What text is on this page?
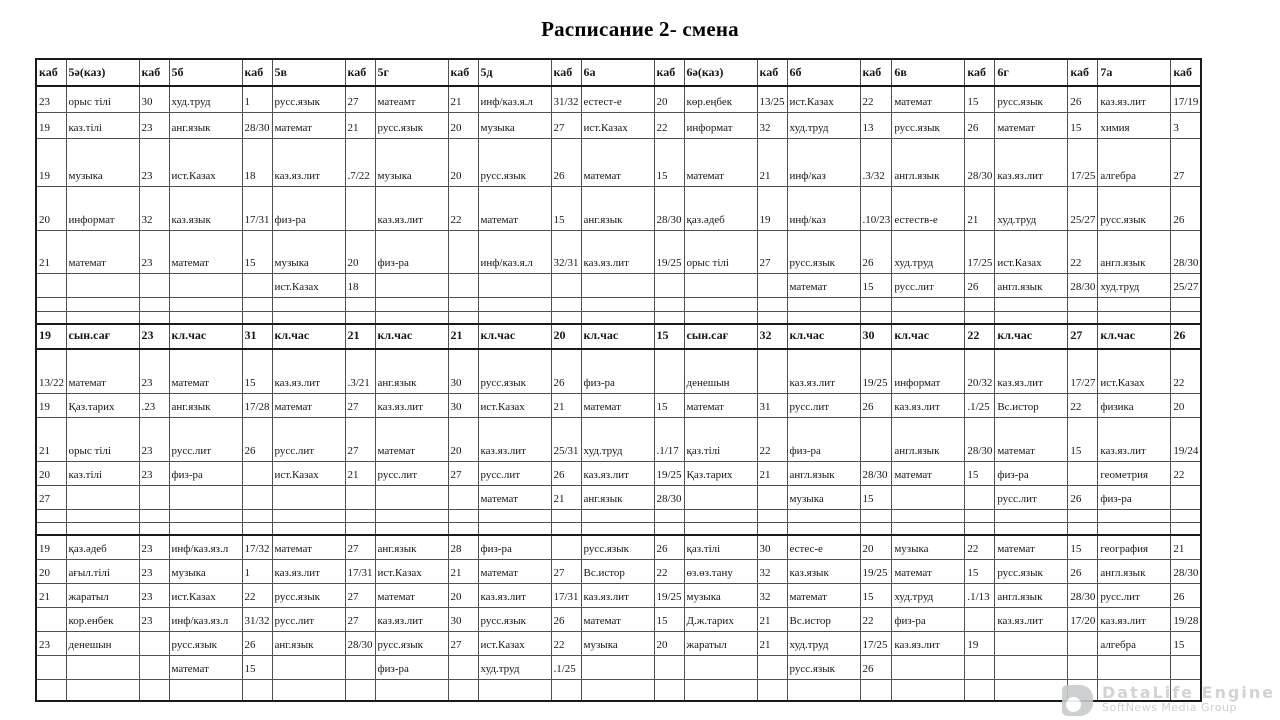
Расписание 2- смена
каб	5ә(каз)	каб	5б	каб	5в	каб	5г	каб	5д	каб	6а	каб	6ә(каз)	каб	6б	каб	6в	каб	6г	каб	7а	каб
23	орыс тілі	30	худ.труд	1	русс.язык	27	матеамт	21	инф/каз.я.л	31/32	естест-е	20	көр.еңбек	13/25	ист.Казах	22	математ	15	русс.язык	26	каз.яз.лит	17/19
19	каз.тілі	23	анг.язык	28/30	математ	21	русс.язык	20	музыка	27	ист.Казах	22	информат	32	худ.труд	13	русс.язык	26	математ	15	химия	3
19	музыка	23	ист.Казах	18	каз.яз.лит	.7/22	музыка	20	русс.язык	26	математ	15	математ	21	инф/каз	.3/32	англ.язык	28/30	каз.яз.лит	17/25	алгебра	27
20	информат	32	каз.язык	17/31	физ-ра		каз.яз.лит	22	математ	15	анг.язык	28/30	қаз.әдеб	19	инф/каз	.10/23	естеств-е	21	худ.труд	25/27	русс.язык	26
21	математ	23	математ	15	музыка	20	физ-ра		инф/каз.я.л	32/31	каз.яз.лит	19/25	орыс тілі	27	русс.язык	26	худ.труд	17/25	ист.Казах	22	англ.язык	28/30
					ист.Казах	18									математ	15	русс.лит	26	англ.язык	28/30	худ.труд	25/27

19	сын.сағ	23	кл.час	31	кл.час	21	кл.час	21	кл.час	20	кл.час	15	сын.сағ	32	кл.час	30	кл.час	22	кл.час	27	кл.час	26
13/22	математ	23	математ	15	каз.яз.лит	.3/21	анг.язык	30	русс.язык	26	физ-ра		денешын		каз.яз.лит	19/25	информат	20/32	каз.яз.лит	17/27	ист.Казах	22
19	Қаз.тарих	.23	анг.язык	17/28	математ	27	каз.яз.лит	30	ист.Казах	21	математ	15	математ	31	русс.лит	26	каз.яз.лит	.1/25	Вс.истор	22	физика	20
21	орыс тілі	23	русс.лит	26	русс.лит	27	математ	20	каз.яз.лит	25/31	худ.труд	.1/17	қаз.тілі	22	физ-ра		англ.язык	28/30	математ	15	каз.яз.лит	19/24
20	каз.тілі	23	физ-ра		ист.Казах	21	русс.лит	27	русс.лит	26	каз.яз.лит	19/25	Қаз.тарих	21	англ.язык	28/30	математ	15	физ-ра		геометрия	22
27									математ	21	анг.язык	28/30			музыка	15			русс.лит	26	физ-ра	

19	қаз.әдеб	23	инф/каз.яз.л	17/32	математ	27	анг.язык	28	физ-ра		русс.язык	26	қаз.тілі	30	естес-е	20	музыка	22	математ	15	география	21
20	ағыл.тілі	23	музыка	1	каз.яз.лит	17/31	ист.Казах	21	математ	27	Вс.истор	22	өз.өз.тану	32	каз.язык	19/25	математ	15	русс.язык	26	англ.язык	28/30
21	жаратыл	23	ист.Казах	22	русс.язык	27	математ	20	каз.яз.лит	17/31	каз.яз.лит	19/25	музыка	32	математ	15	худ.труд	.1/13	англ.язык	28/30	русс.лит	26
	кор.енбек	23	инф/каз.яз.л	31/32	русс.лит	27	каз.яз.лит	30	русс.язык	26	математ	15	Д.ж.тарих	21	Вс.истор	22	физ-ра		каз.яз.лит	17/20	каз.яз.лит	19/28
23	денешын		русс.язык	26	анг.язык	28/30	русс.язык	27	ист.Казах	22	музыка	20	жаратыл	21	худ.труд	17/25	каз.яз.лит	19			алгебра	15
			математ	15			физ-ра		худ.труд	.1/25					русс.язык	26						

DataLife Engine
SoftNews Media Group
